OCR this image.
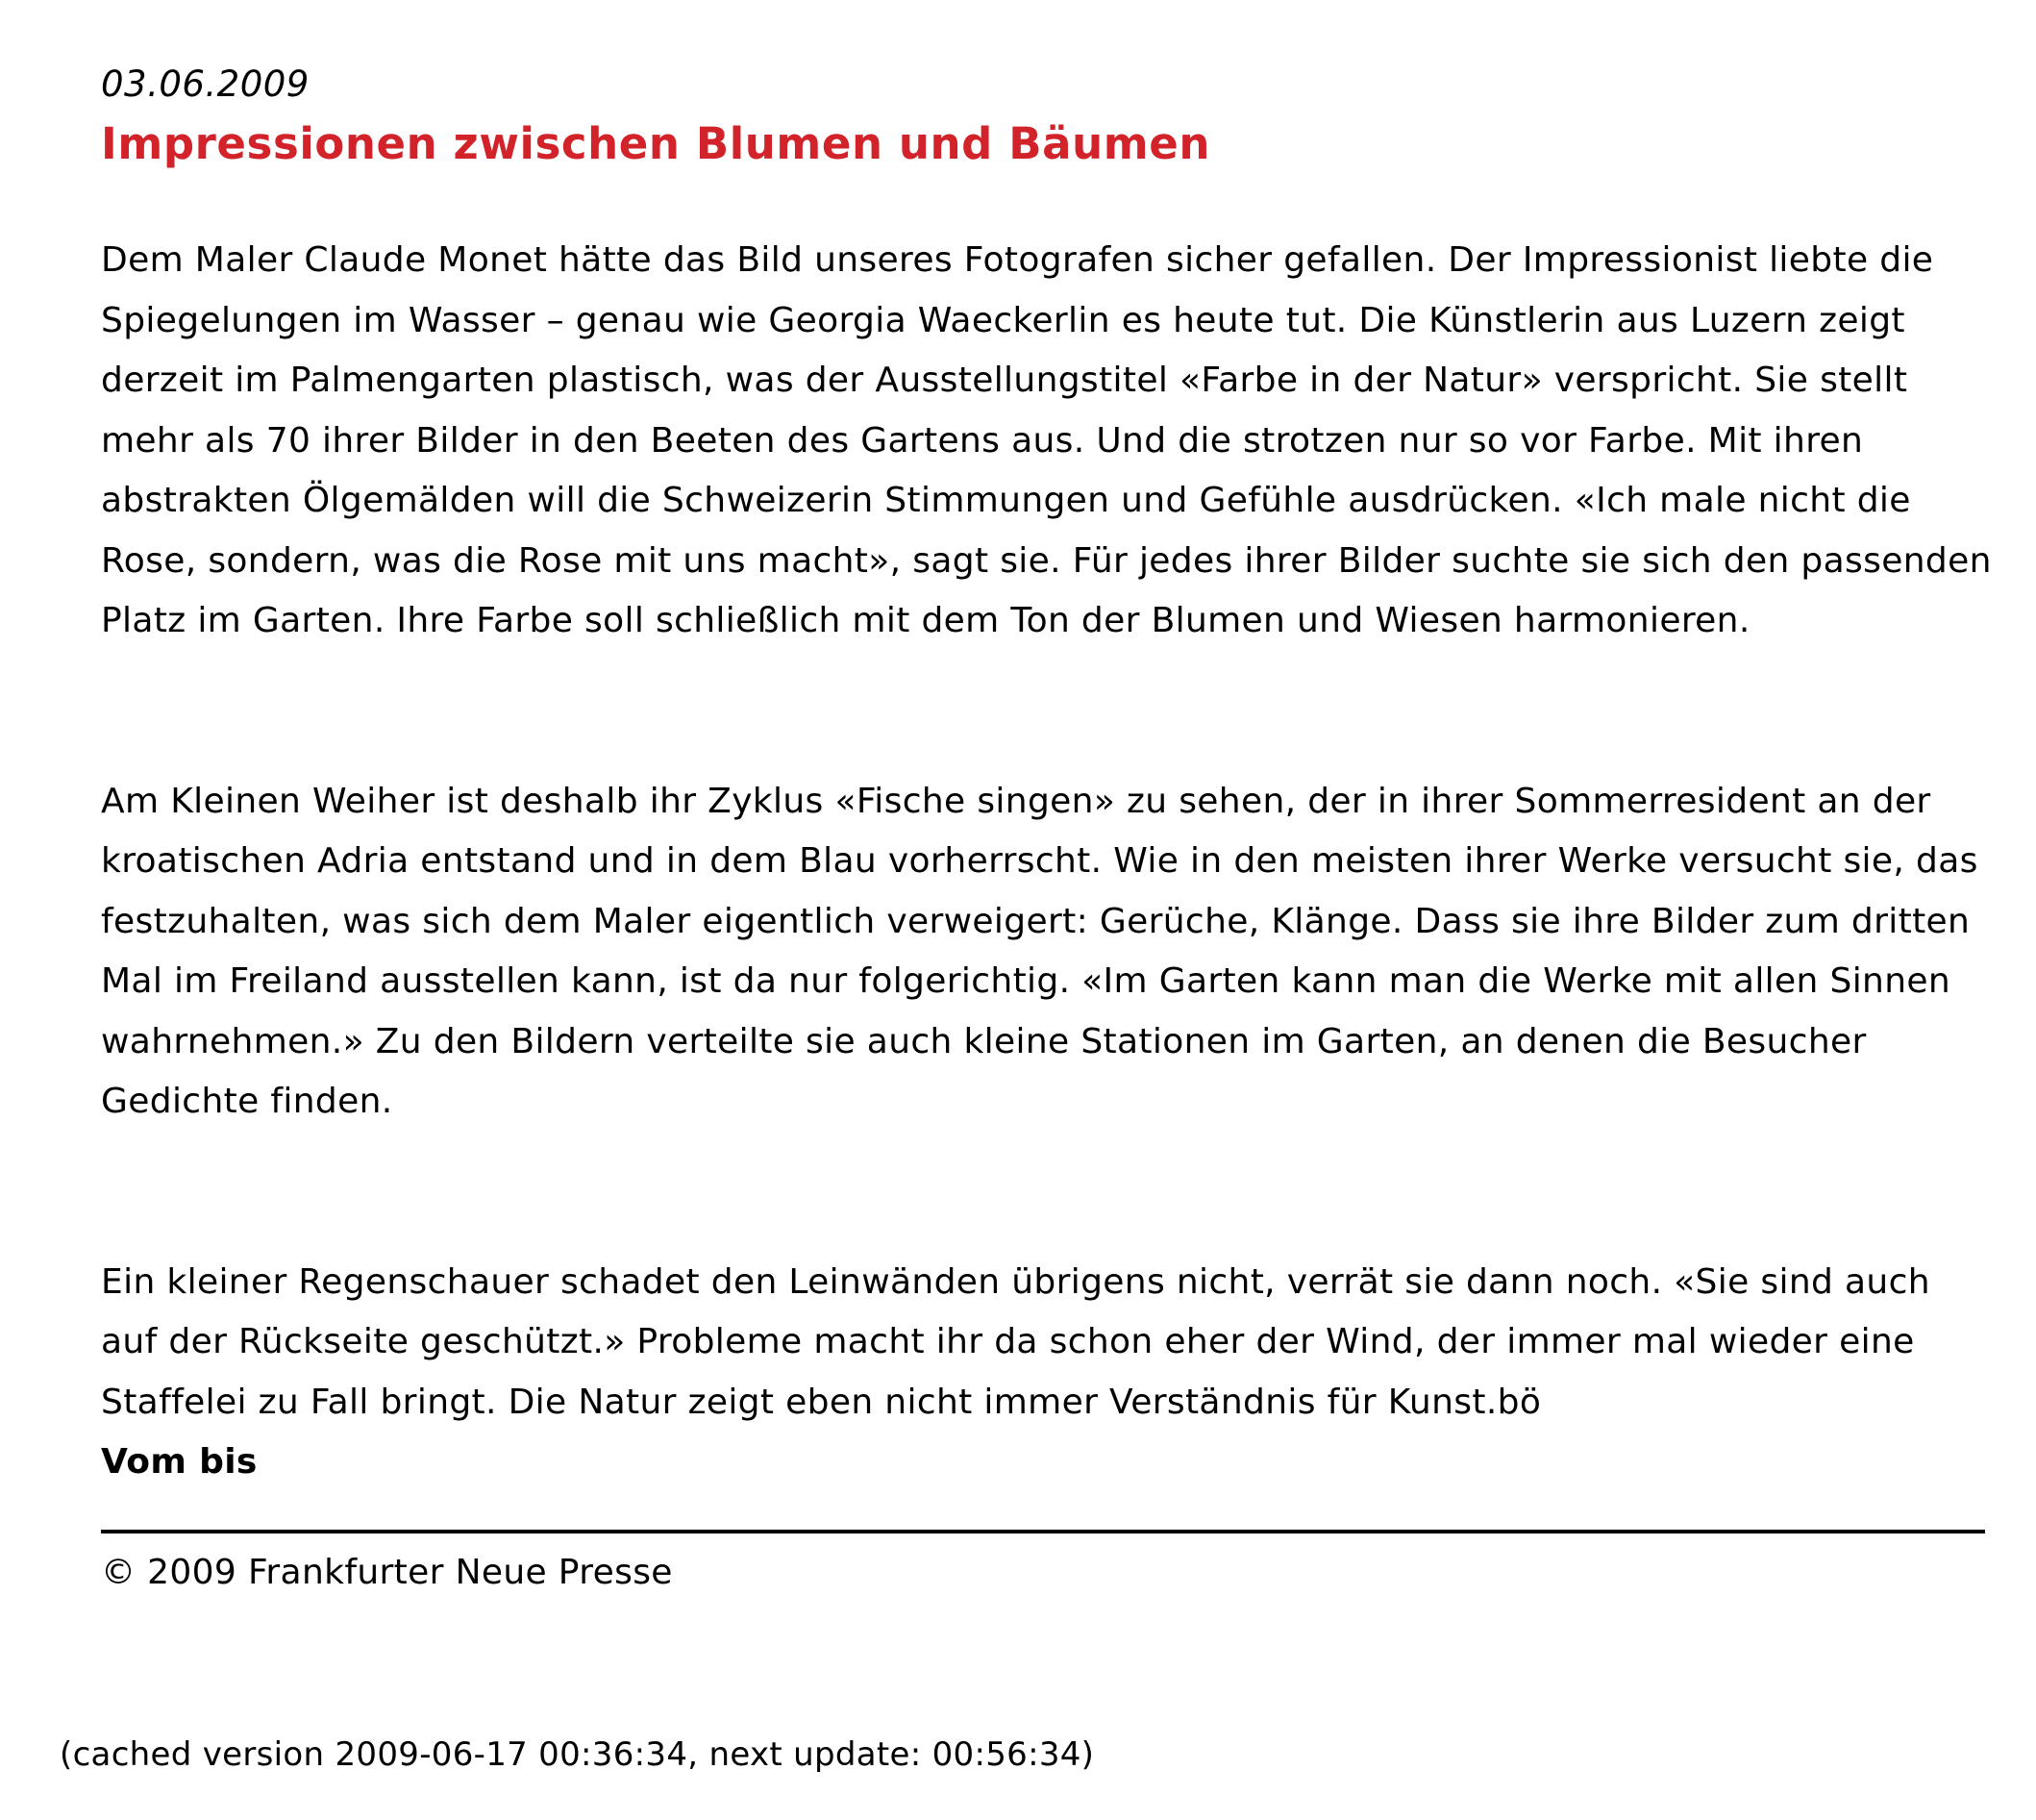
03.06.2009

Impressionen zwischen Blumen und Bäumen

Dem Maler Claude Monet hätte das Bild unseres Fotografen sicher gefallen. Der Impressionist liebte die Spiegelungen im Wasser – genau wie Georgia Waeckerlin es heute tut. Die Künstlerin aus Luzern zeigt derzeit im Palmengarten plastisch, was der Ausstellungstitel «Farbe in der Natur» verspricht. Sie stellt mehr als 70 ihrer Bilder in den Beeten des Gartens aus. Und die strotzen nur so vor Farbe. Mit ihren abstrakten Ölgemälden will die Schweizerin Stimmungen und Gefühle ausdrücken. «Ich male nicht die Rose, sondern, was die Rose mit uns macht», sagt sie. Für jedes ihrer Bilder suchte sie sich den passenden Platz im Garten. Ihre Farbe soll schließlich mit dem Ton der Blumen und Wiesen harmonieren.

Am Kleinen Weiher ist deshalb ihr Zyklus «Fische singen» zu sehen, der in ihrer Sommerresident an der kroatischen Adria entstand und in dem Blau vorherrscht. Wie in den meisten ihrer Werke versucht sie, das festzuhalten, was sich dem Maler eigentlich verweigert: Gerüche, Klänge. Dass sie ihre Bilder zum dritten Mal im Freiland ausstellen kann, ist da nur folgerichtig. «Im Garten kann man die Werke mit allen Sinnen wahrnehmen.» Zu den Bildern verteilte sie auch kleine Stationen im Garten, an denen die Besucher Gedichte finden.

Ein kleiner Regenschauer schadet den Leinwänden übrigens nicht, verrät sie dann noch. «Sie sind auch auf der Rückseite geschützt.» Probleme macht ihr da schon eher der Wind, der immer mal wieder eine Staffelei zu Fall bringt. Die Natur zeigt eben nicht immer Verständnis für Kunst.bö

Vom bis

© 2009 Frankfurter Neue Presse

(cached version 2009-06-17 00:36:34, next update: 00:56:34)
